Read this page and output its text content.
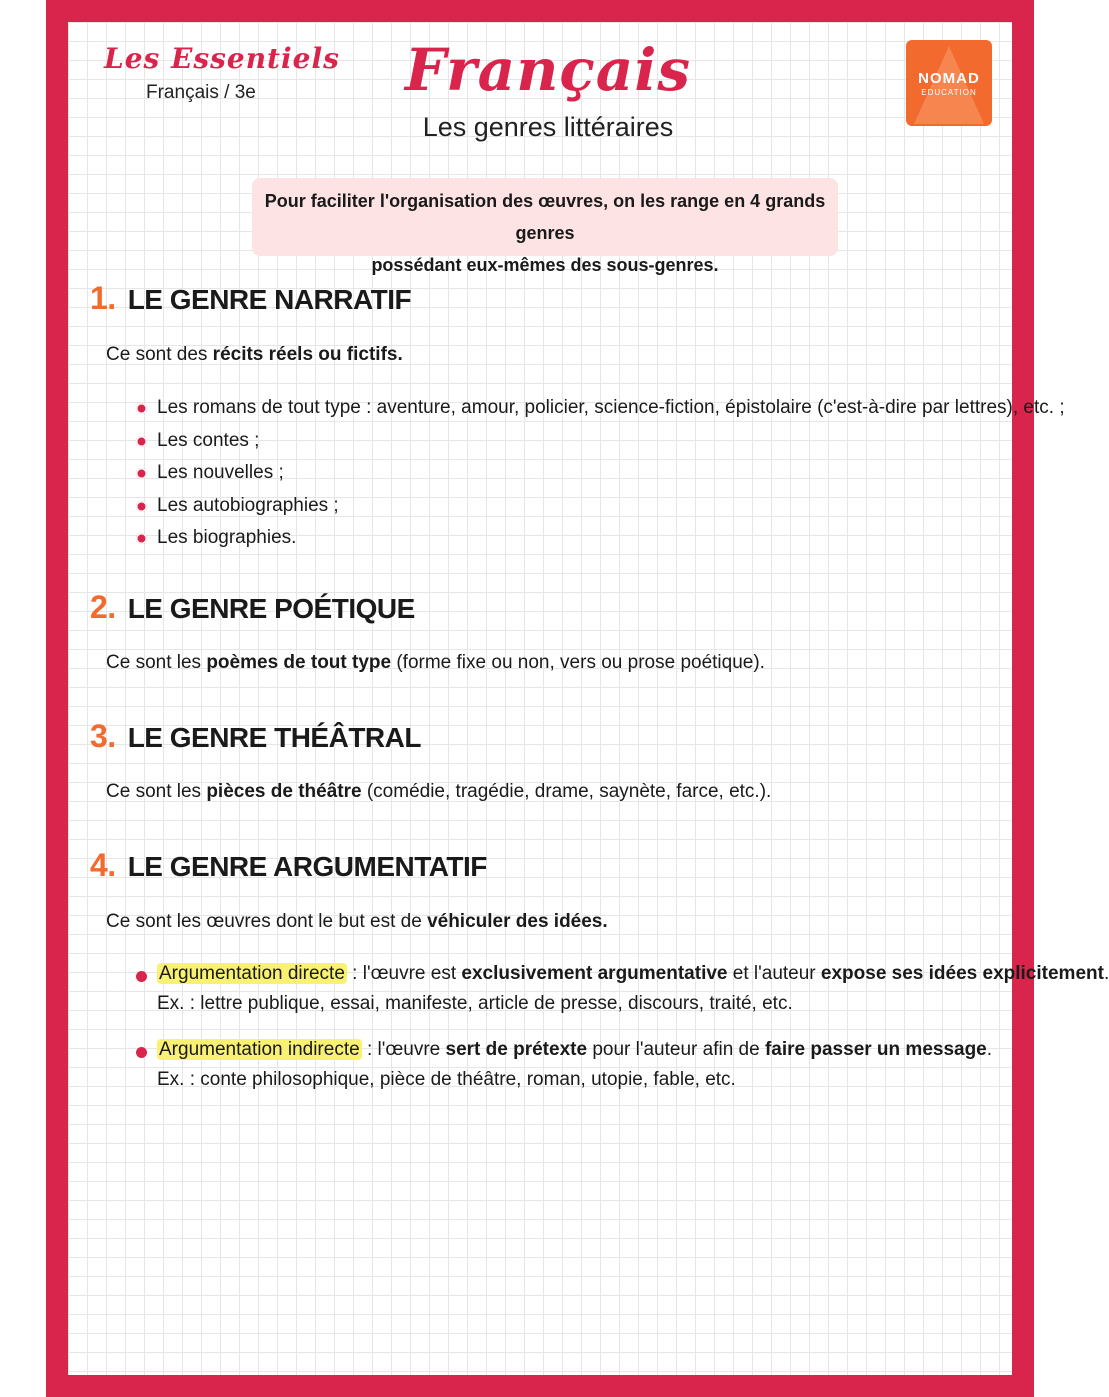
Les Essentiels
Français / 3e	Français
Les genres littéraires
NOMAD
EDUCATION
Pour faciliter l'organisation des œuvres, on les range en 4 grands genres
possédant eux-mêmes des sous-genres.
1. LE GENRE NARRATIF
Ce sont des récits réels ou fictifs.
Les romans de tout type : aventure, amour, policier, science-fiction, épistolaire (c'est-à-dire par lettres), etc. ;
Les contes ;
Les nouvelles ;
Les autobiographies ;
Les biographies.
2. LE GENRE POÉTIQUE
Ce sont les poèmes de tout type (forme fixe ou non, vers ou prose poétique).
3. LE GENRE THÉÂTRAL
Ce sont les pièces de théâtre (comédie, tragédie, drame, saynète, farce, etc.).
4. LE GENRE ARGUMENTATIF
Ce sont les œuvres dont le but est de véhiculer des idées.
Argumentation directe : l'œuvre est exclusivement argumentative et l'auteur expose ses idées explicitement.
Ex. : lettre publique, essai, manifeste, article de presse, discours, traité, etc.
Argumentation indirecte : l'œuvre sert de prétexte pour l'auteur afin de faire passer un message.
Ex. : conte philosophique, pièce de théâtre, roman, utopie, fable, etc.
